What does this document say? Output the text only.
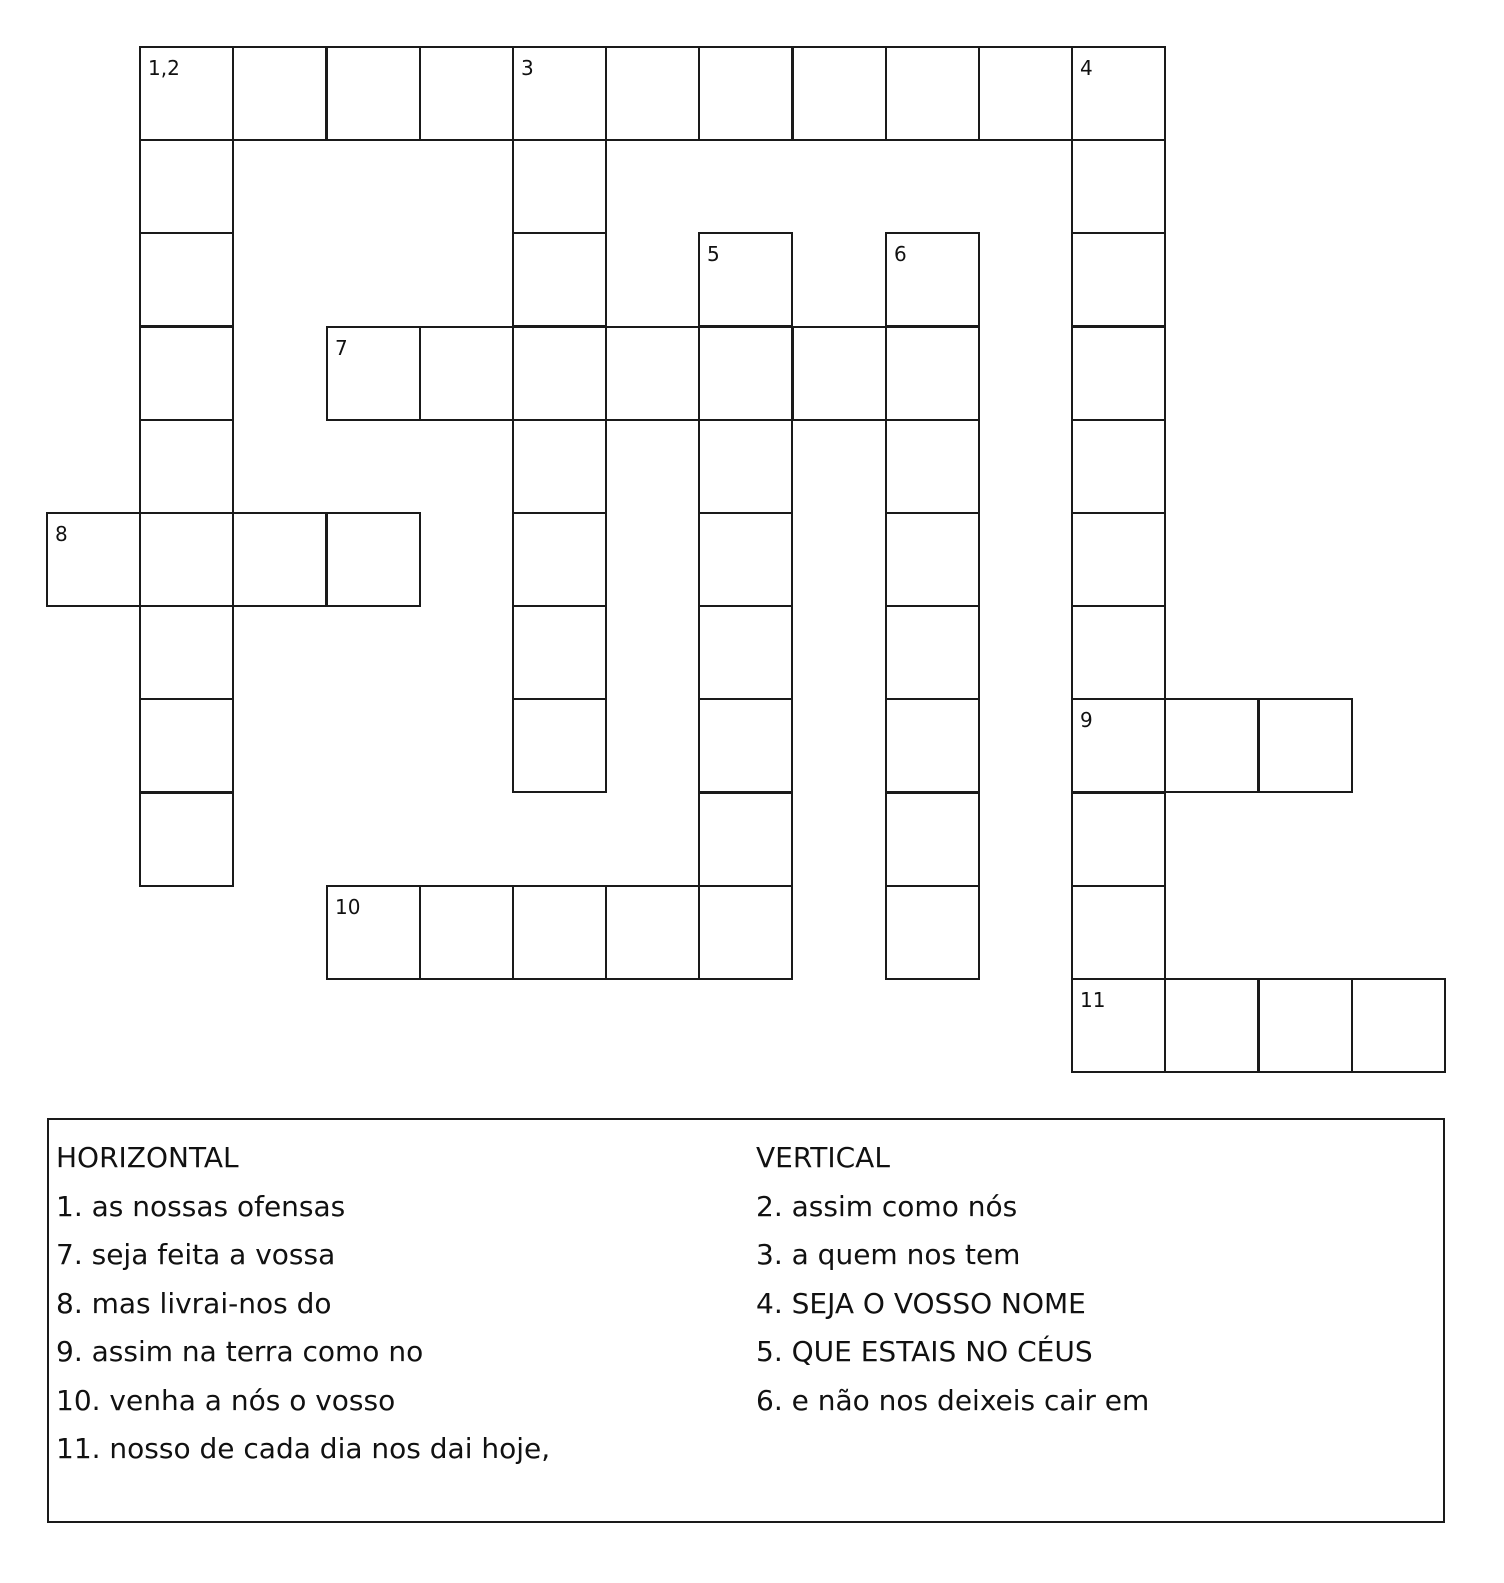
1,2	3	4
5	6
7
8
9
10
11
HORIZONTAL
1. as nossas ofensas
7. seja feita a vossa
8. mas livrai-nos do
9. assim na terra como no
10. venha a nós o vosso
11. nosso de cada dia nos dai hoje,
VERTICAL
2. assim como nós
3. a quem nos tem
4. SEJA O VOSSO NOME
5. QUE ESTAIS NO CÉUS
6. e não nos deixeis cair em
